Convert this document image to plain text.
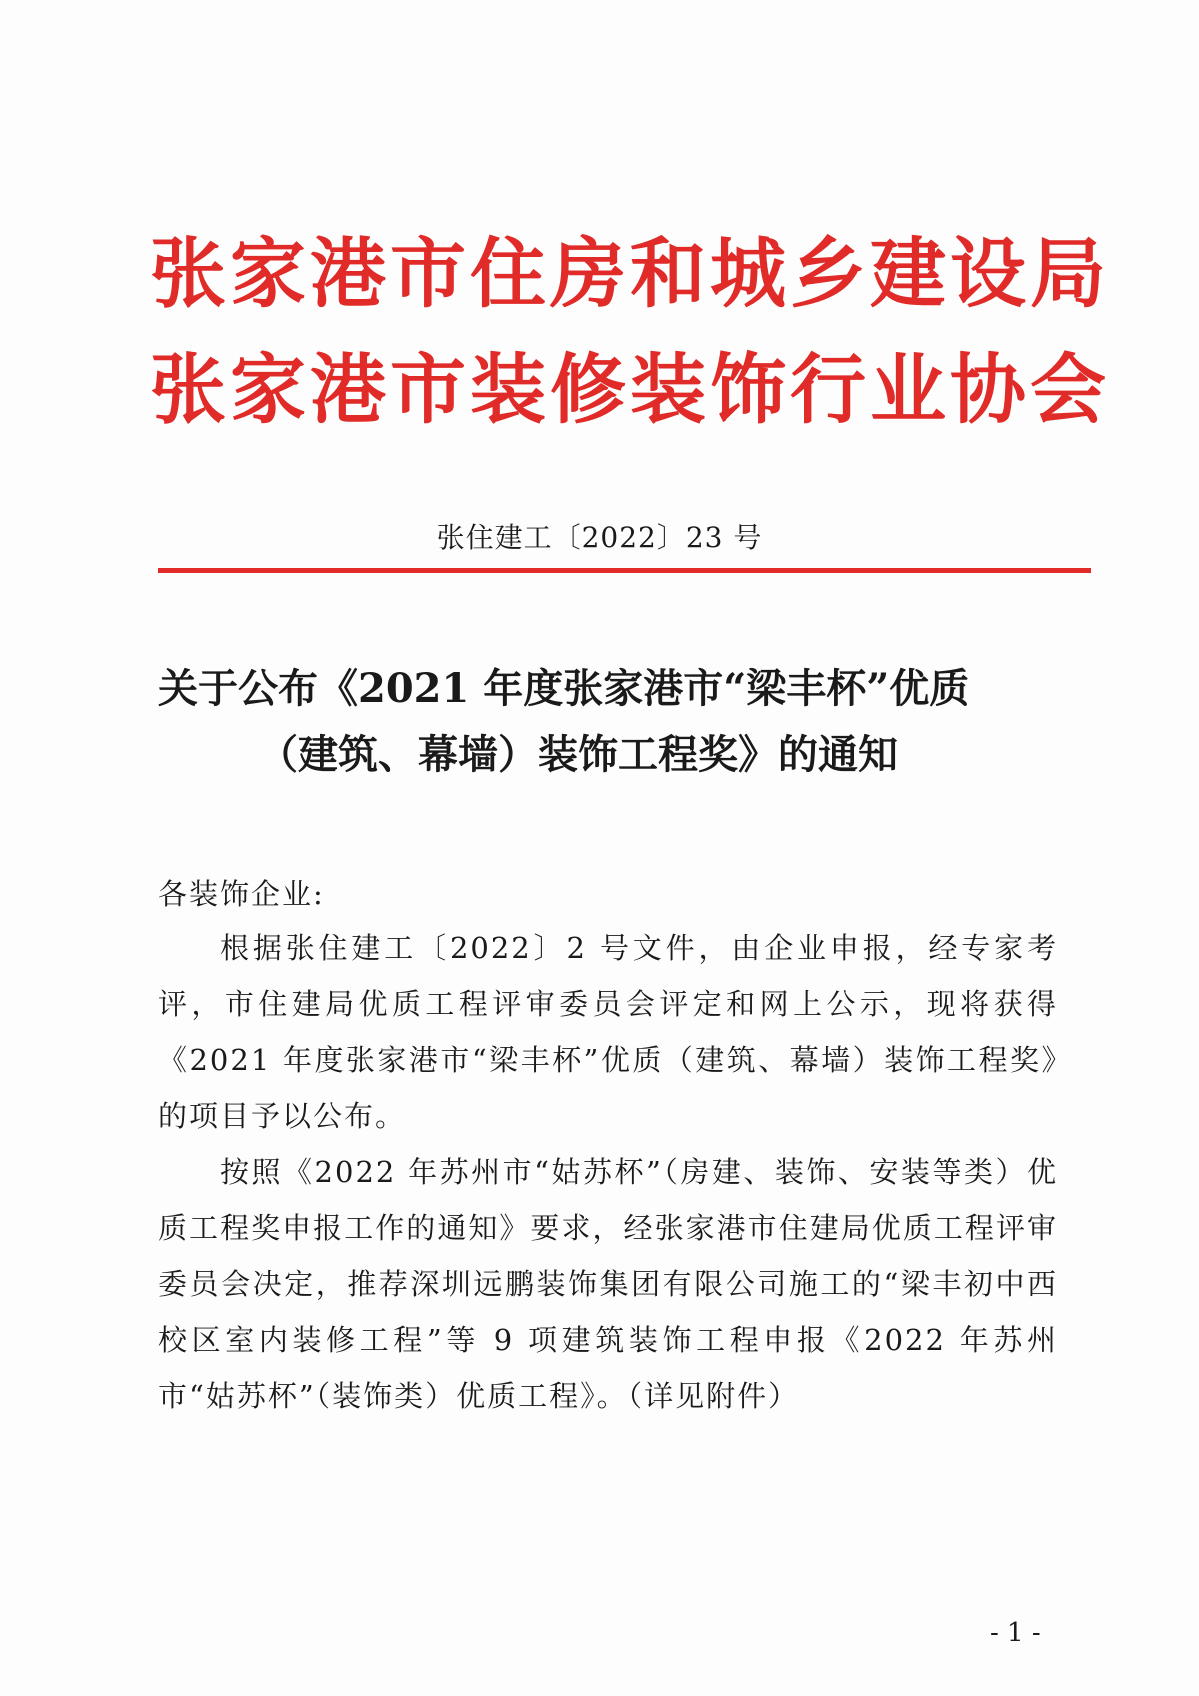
张家港市住房和城乡建设局
张家港市装修装饰行业协会
张住建工〔2022〕23 号
关于公布《2021 年度张家港市“梁丰杯”优质
（建筑、幕墙）装饰工程奖》的通知
各装饰企业:
根据张住建工〔2022〕2 号文件，由企业申报，经专家考评，市住建局优质工程评审委员会评定和网上公示，现将获得《2021 年度张家港市“梁丰杯”优质（建筑、幕墙）装饰工程奖》的项目予以公布。
按照《2022 年苏州市“姑苏杯”（房建、装饰、安装等类）优质工程奖申报工作的通知》要求，经张家港市住建局优质工程评审委员会决定，推荐深圳远鹏装饰集团有限公司施工的“梁丰初中西校区室内装修工程”等 9 项建筑装饰工程申报《2022 年苏州市“姑苏杯”（装饰类）优质工程》。（详见附件）
- 1 -
